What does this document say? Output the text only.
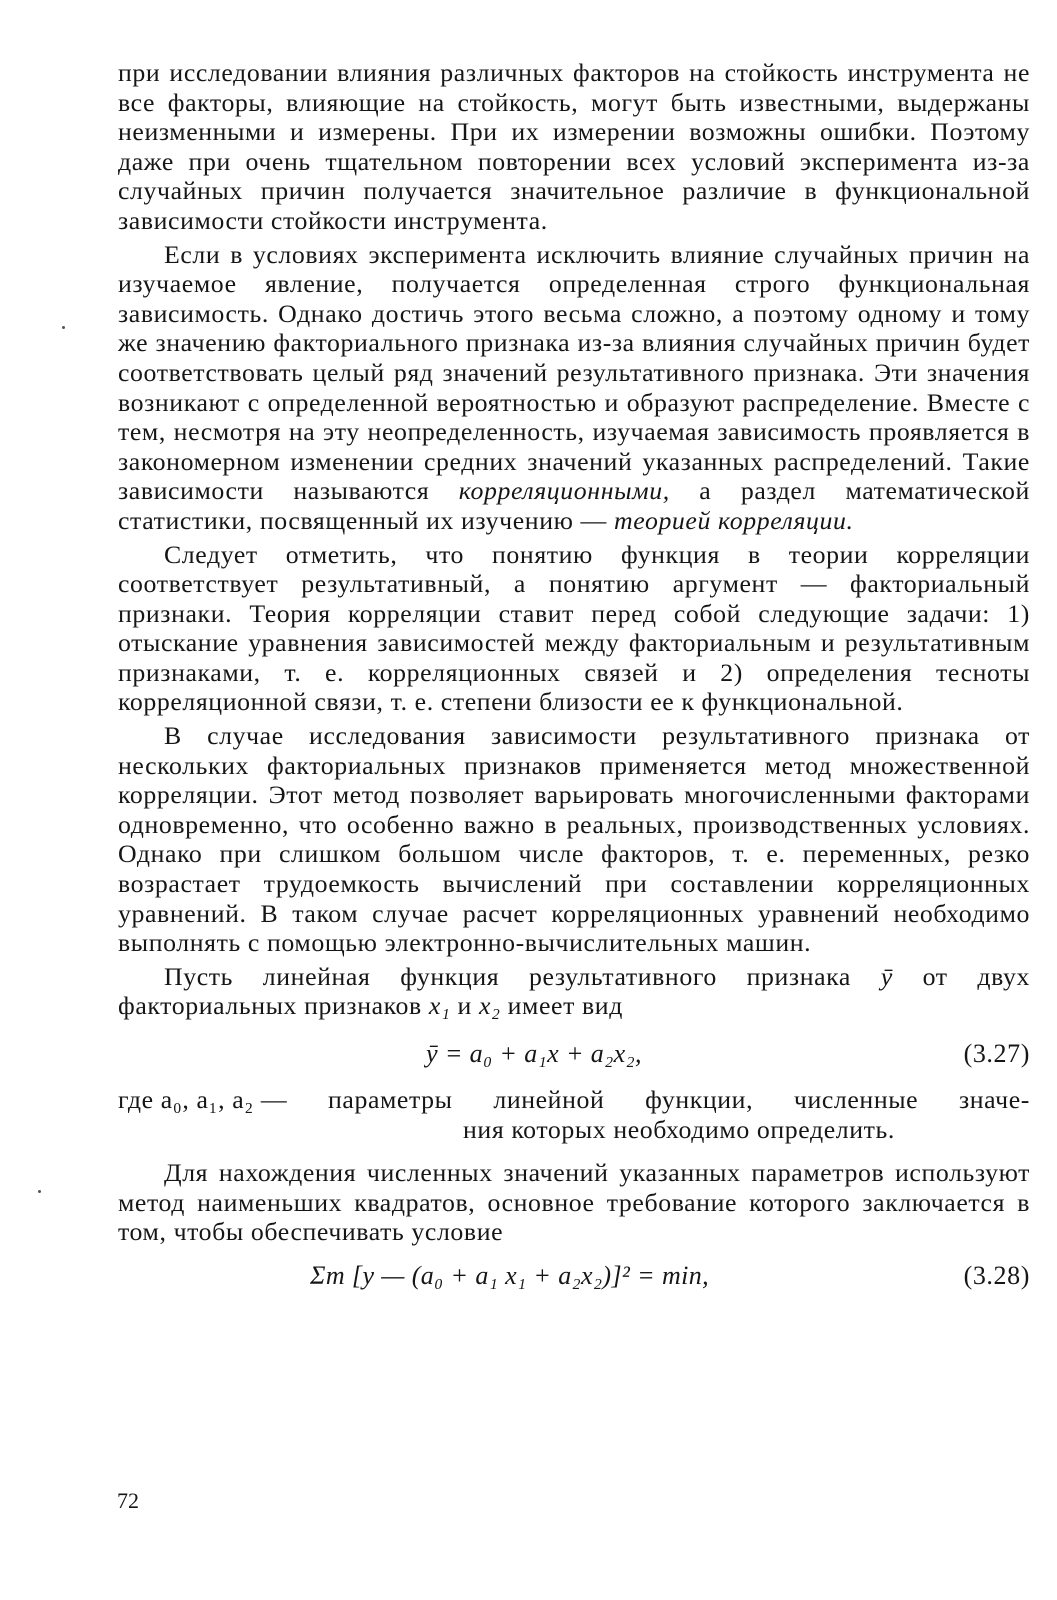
при исследовании влияния различных факторов на стойкость инструмента не все факторы, влияющие на стойкость, могут быть известными, выдержаны неизменными и измерены. При их измерении возможны ошибки. Поэтому даже при очень тщательном повторении всех условий эксперимента из-за случайных причин получается значительное различие в функциональной зависимости стойкости инструмента.

Если в условиях эксперимента исключить влияние случайных причин на изучаемое явление, получается определенная строго функциональная зависимость. Однако достичь этого весьма сложно, а поэтому одному и тому же значению факториального признака из-за влияния случайных причин будет соответствовать целый ряд значений результативного признака. Эти значения возникают с определенной вероятностью и образуют распределение. Вместе с тем, несмотря на эту неопределенность, изучаемая зависимость проявляется в закономерном изменении средних значений указанных распределений. Такие зависимости называются корреляционными, а раздел математической статистики, посвященный их изучению — теорией корреляции.

Следует отметить, что понятию функция в теории корреляции соответствует результативный, а понятию аргумент — факториальный признаки. Теория корреляции ставит перед собой следующие задачи: 1) отыскание уравнения зависимостей между факториальным и результативным признаками, т. е. корреляционных связей и 2) определения тесноты корреляционной связи, т. е. степени близости ее к функциональной.

В случае исследования зависимости результативного признака от нескольких факториальных признаков применяется метод множественной корреляции. Этот метод позволяет варьировать многочисленными факторами одновременно, что особенно важно в реальных, производственных условиях. Однако при слишком большом числе факторов, т. е. переменных, резко возрастает трудоемкость вычислений при составлении корреляционных уравнений. В таком случае расчет корреляционных уравнений необходимо выполнять с помощью электронно-вычислительных машин.

Пусть линейная функция результативного признака ȳ от двух факториальных признаков x₁ и x₂ имеет вид

ȳ = a₀ + a₁x + a₂x₂,	(3.27)
где a₀, a₁, a₂ — параметры линейной функции, численные значе-
ния которых необходимо определить.

Для нахождения численных значений указанных параметров используют метод наименьших квадратов, основное требование которого заключается в том, чтобы обеспечивать условие

Σm [y — (a₀ + a₁ x₁ + a₂x₂)]² = min,	(3.28)
72
